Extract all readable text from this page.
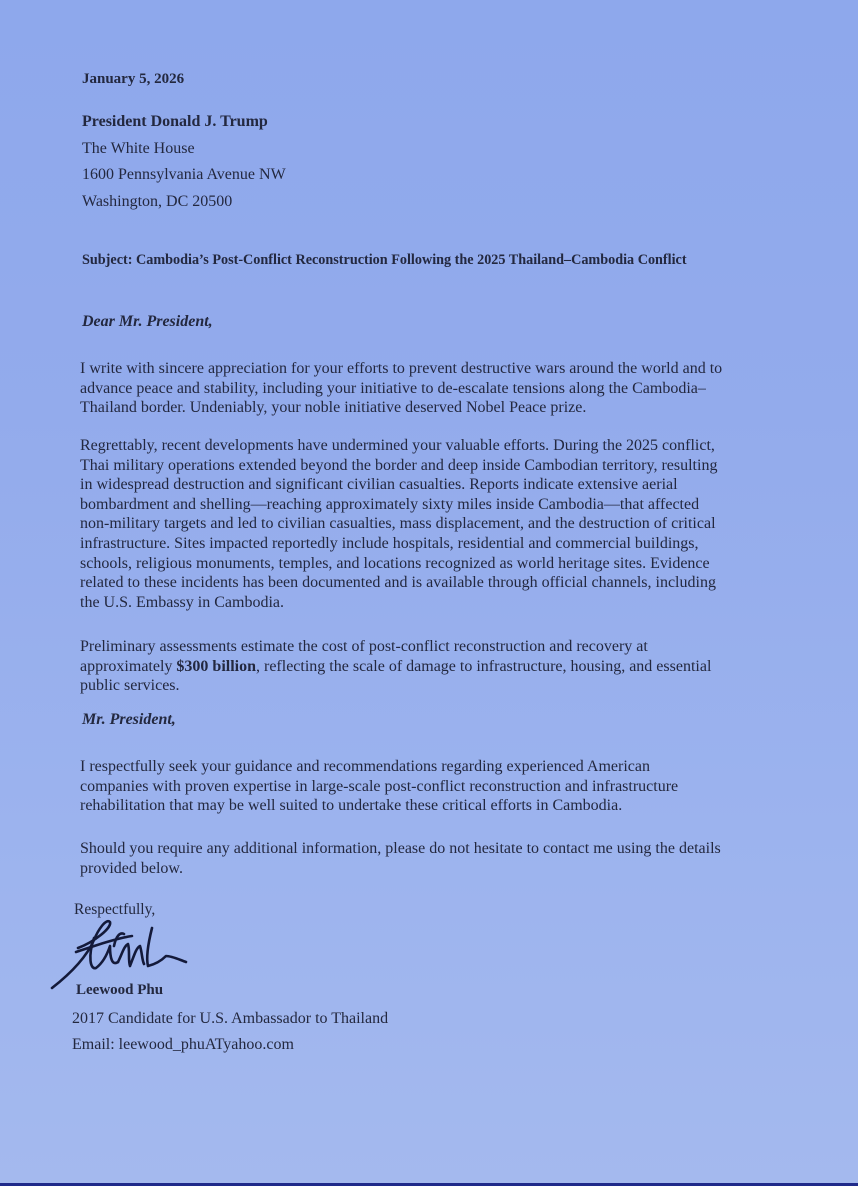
January 5, 2026
President Donald J. Trump
The White House
1600 Pennsylvania Avenue NW
Washington, DC 20500
Subject: Cambodia’s Post-Conflict Reconstruction Following the 2025 Thailand–Cambodia Conflict
Dear Mr. President,
I write with sincere appreciation for your efforts to prevent destructive wars around the world and to
advance peace and stability, including your initiative to de-escalate tensions along the Cambodia–
Thailand border. Undeniably, your noble initiative deserved Nobel Peace prize.
Regrettably, recent developments have undermined your valuable efforts. During the 2025 conflict,
Thai military operations extended beyond the border and deep inside Cambodian territory, resulting
in widespread destruction and significant civilian casualties. Reports indicate extensive aerial
bombardment and shelling—reaching approximately sixty miles inside Cambodia—that affected
non-military targets and led to civilian casualties, mass displacement, and the destruction of critical
infrastructure. Sites impacted reportedly include hospitals, residential and commercial buildings,
schools, religious monuments, temples, and locations recognized as world heritage sites. Evidence
related to these incidents has been documented and is available through official channels, including
the U.S. Embassy in Cambodia.
Preliminary assessments estimate the cost of post-conflict reconstruction and recovery at
approximately $300 billion, reflecting the scale of damage to infrastructure, housing, and essential
public services.
Mr. President,
I respectfully seek your guidance and recommendations regarding experienced American
companies with proven expertise in large-scale post-conflict reconstruction and infrastructure
rehabilitation that may be well suited to undertake these critical efforts in Cambodia.
Should you require any additional information, please do not hesitate to contact me using the details
provided below.
Respectfully,
Leewood Phu
2017 Candidate for U.S. Ambassador to Thailand
Email: leewood_phuATyahoo.com
